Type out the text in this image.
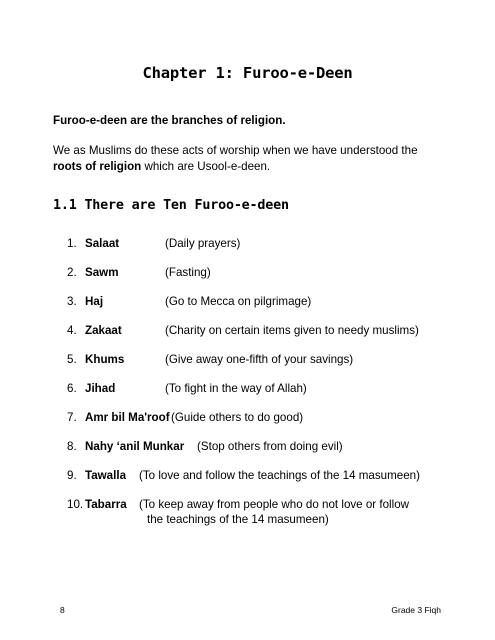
Chapter 1: Furoo-e-Deen
Furoo-e-deen are the branches of religion.
We as Muslims do these acts of worship when we have understood the roots of religion which are Usool-e-deen.
1.1 There are Ten Furoo-e-deen
1. Salaat	(Daily prayers)
2. Sawm	(Fasting)
3. Haj	(Go to Mecca on pilgrimage)
4. Zakaat	(Charity on certain items given to needy muslims)
5. Khums	(Give away one-fifth of your savings)
6. Jihad	(To fight in the way of Allah)
7. Amr bil Ma'roof (Guide others to do good)
8. Nahy ‘anil Munkar (Stop others from doing evil)
9. Tawalla (To love and follow the teachings of the 14 masumeen)
10. Tabarra (To keep away from people who do not love or follow
the teachings of the 14 masumeen)
8	Grade 3 Fiqh
